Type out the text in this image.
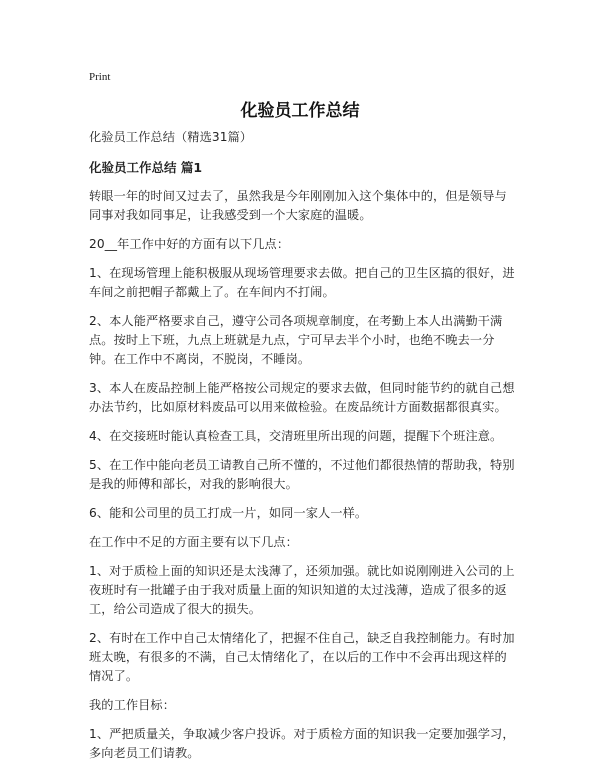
Print
化验员工作总结
化验员工作总结（精选31篇）
化验员工作总结 篇1
转眼一年的时间又过去了，虽然我是今年刚刚加入这个集体中的，但是领导与同事对我如同事足，让我感受到一个大家庭的温暖。
20__年工作中好的方面有以下几点：
1、在现场管理上能积极服从现场管理要求去做。把自己的卫生区搞的很好，进车间之前把帽子都戴上了。在车间内不打闹。
2、本人能严格要求自己，遵守公司各项规章制度，在考勤上本人出满勤干满点。按时上下班，九点上班就是九点，宁可早去半个小时，也绝不晚去一分钟。在工作中不离岗，不脱岗，不睡岗。
3、本人在废品控制上能严格按公司规定的要求去做，但同时能节约的就自己想办法节约，比如原材料废品可以用来做检验。在废品统计方面数据都很真实。
4、在交接班时能认真检查工具，交清班里所出现的问题，提醒下个班注意。
5、在工作中能向老员工请教自己所不懂的，不过他们都很热情的帮助我，特别是我的师傅和部长，对我的影响很大。
6、能和公司里的员工打成一片，如同一家人一样。
在工作中不足的方面主要有以下几点：
1、对于质检上面的知识还是太浅薄了，还须加强。就比如说刚刚进入公司的上夜班时有一批罐子由于我对质量上面的知识知道的太过浅薄，造成了很多的返工，给公司造成了很大的损失。
2、有时在工作中自己太情绪化了，把握不住自己，缺乏自我控制能力。有时加班太晚，有很多的不满，自己太情绪化了，在以后的工作中不会再出现这样的情况了。
我的工作目标：
1、严把质量关，争取减少客户投诉。对于质检方面的知识我一定要加强学习，多向老员工们请教。
